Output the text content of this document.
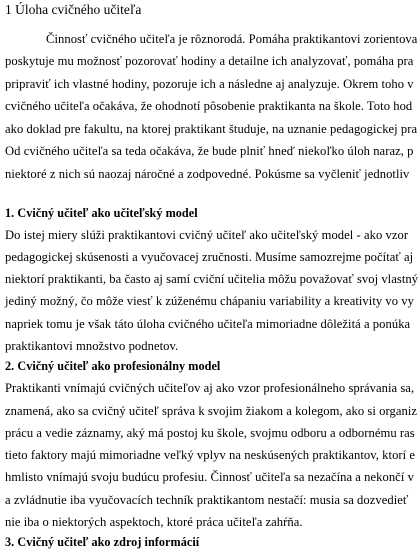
1 Úloha cvičného učiteľa
Činnosť cvičného učiteľa je rôznorodá. Pomáha praktikantovi zorientova
poskytuje mu možnosť pozorovať hodiny a detailne ich analyzovať, pomáha pra
pripraviť ich vlastné hodiny, pozoruje ich a následne aj analyzuje. Okrem toho v
cvičného učiteľa očakáva, že ohodnotí pôsobenie praktikanta na škole. Toto hod
ako doklad pre fakultu, na ktorej praktikant študuje, na uznanie pedagogickej pra
Od cvičného učiteľa sa teda očakáva, že bude plniť hneď niekoľko úloh naraz, p
niektoré z nich sú naozaj náročné a zodpovedné. Pokúsme sa vyčleniť jednotliv
1. Cvičný učiteľ ako učiteľský model
Do istej miery slúži praktikantovi cvičný učiteľ ako učiteľský model - ako vzor
pedagogickej skúsenosti a vyučovacej zručnosti. Musíme samozrejme počítať aj
niektorí praktikanti, ba často aj samí cviční učitelia môžu považovať svoj vlastný
jediný možný, čo môže viesť k zúženému chápaniu variability a kreativity vo vy
napriek tomu je však táto úloha cvičného učiteľa mimoriadne dôležitá a ponúka
praktikantovi množstvo podnetov.
2. Cvičný učiteľ ako profesionálny model
Praktikanti vnímajú cvičných učiteľov aj ako vzor profesionálneho správania sa,
znamená, ako sa cvičný učiteľ správa k svojim žiakom a kolegom, ako si organiz
prácu a vedie záznamy, aký má postoj ku škole, svojmu odboru a odbornému ras
tieto faktory majú mimoriadne veľký vplyv na neskúsených praktikantov, ktorí e
hmlisto vnímajú svoju budúcu profesiu. Činnosť učiteľa sa nezačína a nekončí v
a zvládnutie iba vyučovacích techník praktikantom nestačí: musia sa dozvedieť
nie iba o niektorých aspektoch, ktoré práca učiteľa zahŕňa.
3. Cvičný učiteľ ako zdroj informácií
